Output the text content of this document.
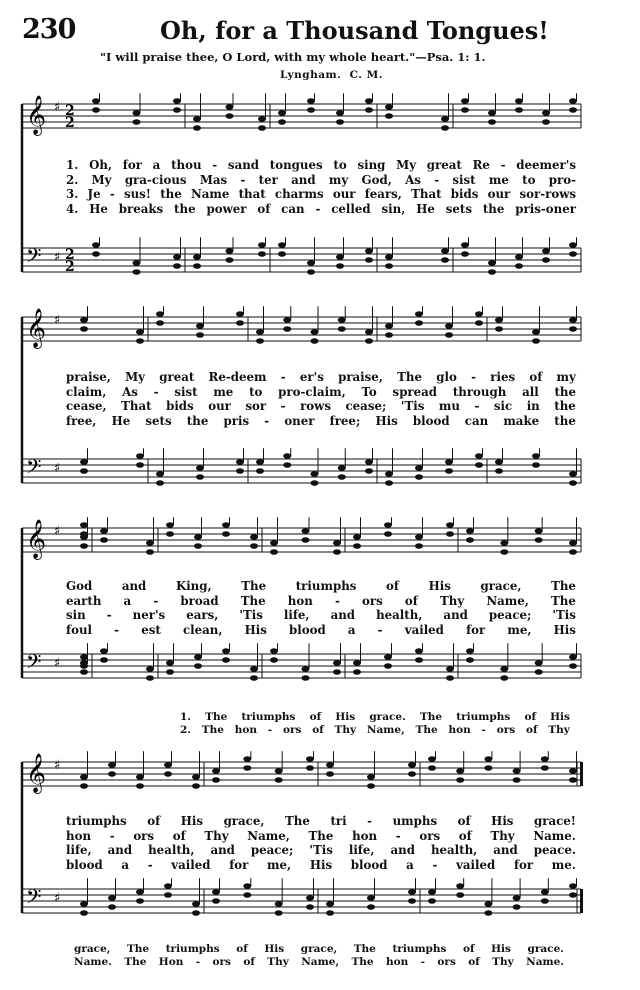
230	Oh, for a Thousand Tongues!
"I will praise thee, O Lord, with my whole heart."—Psa. 1: 1.
Lyngham. C. M.
𝄞
𝄢
♯
♯
2
2
2
2
𝄞
𝄢
♯
♯
𝄞
𝄢
♯
♯
𝄞
𝄢
♯
♯
1. Oh, for a thou - sand tongues to sing My great Re - deemer's
2. My gra-cious Mas - ter and my God, As - sist me to pro-
3. Je - sus! the Name that charms our fears, That bids our sor-rows
4. He breaks the power of can - celled sin, He sets the pris-oner
praise, My great Re-deem - er's praise, The glo - ries of my
claim, As - sist me to pro-claim, To spread through all the
cease, That bids our sor - rows cease; 'Tis mu - sic in the
free, He sets the pris - oner free; His blood can make the
God	and	King,	The	triumphs	of	His	grace,	The
earth a - broad The hon - ors of Thy Name, The
sin - ner's ears, 'Tis life, and health, and peace; 'Tis
foul - est clean, His blood a - vailed for me, His
1. The triumphs of His grace. The triumphs of His
2. The hon - ors of Thy Name, The hon - ors of Thy
triumphs of His grace, The tri - umphs of His grace!
hon - ors of Thy Name, The hon - ors of Thy Name.
life, and health, and peace; 'Tis life, and health, and peace.
blood a - vailed for me, His blood a - vailed for me.
grace, The triumphs of His grace, The triumphs of His grace.
Name. The Hon - ors of Thy Name, The hon - ors of Thy Name.
